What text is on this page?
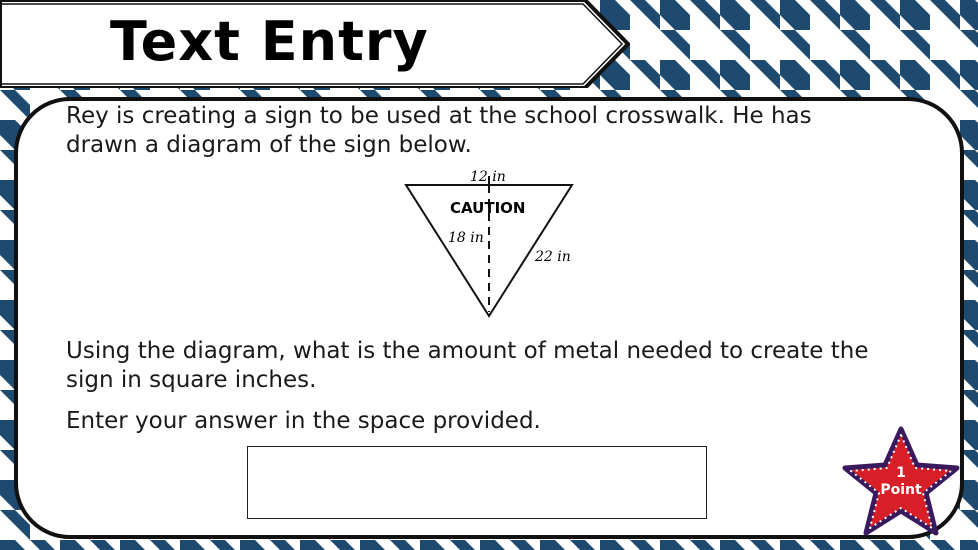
Text Entry
Rey is creating a sign to be used at the school crosswalk. He has drawn a diagram of the sign below.
12 in
CAUTION
18 in
22 in
Using the diagram, what is the amount of metal needed to create the sign in square inches.
Enter your answer in the space provided.
1
Point
